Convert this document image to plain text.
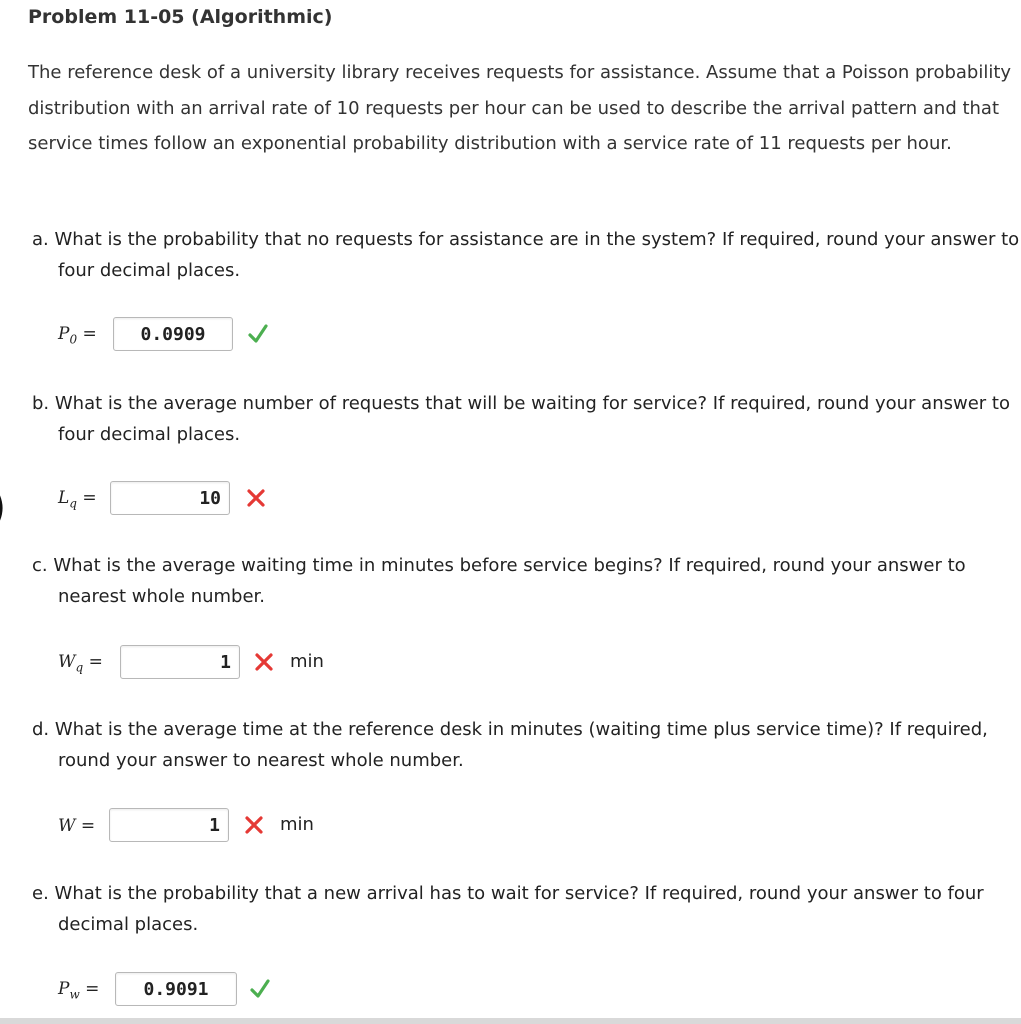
Problem 11-05 (Algorithmic)
The reference desk of a university library receives requests for assistance. Assume that a Poisson probability distribution with an arrival rate of 10 requests per hour can be used to describe the arrival pattern and that service times follow an exponential probability distribution with a service rate of 11 requests per hour.
a. What is the probability that no requests for assistance are in the system? If required, round your answer to four decimal places.
$P_0$ =	0.0909
b. What is the average number of requests that will be waiting for service? If required, round your answer to four decimal places.
$L_q$ =	10
c. What is the average waiting time in minutes before service begins? If required, round your answer to nearest whole number.
$W_q$ =	1	min
d. What is the average time at the reference desk in minutes (waiting time plus service time)? If required, round your answer to nearest whole number.
W =	1	min
e. What is the probability that a new arrival has to wait for service? If required, round your answer to four decimal places.
$P_w$ =	0.9091
